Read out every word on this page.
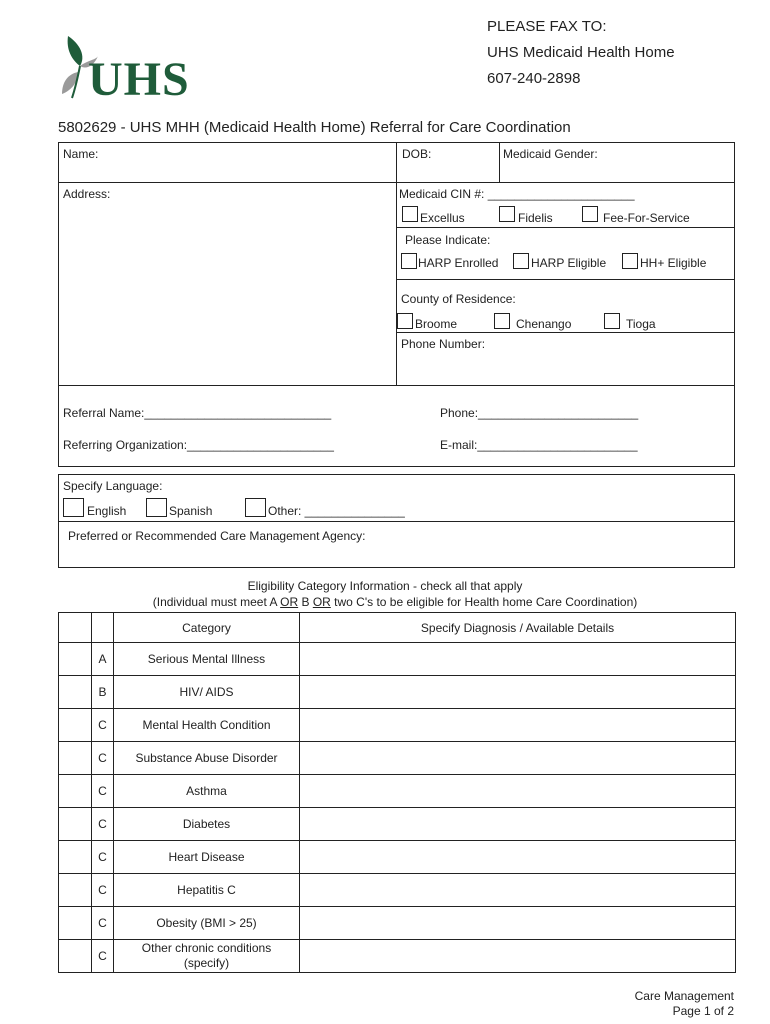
UHS
PLEASE FAX TO:
UHS Medicaid Health Home
607-240-2898
5802629 - UHS MHH (Medicaid Health Home) Referral for Care Coordination
Name:	DOB:	Medicaid Gender:
Address:	Medicaid CIN #: ______________________
Excellus	Fidelis	Fee-For-Service
Please Indicate:
HARP Enrolled	HARP Eligible	HH+ Eligible
County of Residence:
Broome	Chenango	Tioga
Phone Number:
Referral Name:____________________________	Phone:________________________
Referring Organization:______________________	E-mail:________________________
Specify Language:
English	Spanish	Other: _______________
Preferred or Recommended Care Management Agency:
Eligibility Category Information - check all that apply
(Individual must meet A OR B OR two C's to be eligible for Health home Care Coordination)
		Category	Specify Diagnosis / Available Details
	A	Serious Mental Illness	
	B	HIV/ AIDS	
	C	Mental Health Condition	
	C	Substance Abuse Disorder	
	C	Asthma	
	C	Diabetes	
	C	Heart Disease	
	C	Hepatitis C	
	C	Obesity (BMI > 25)	
	C	Other chronic conditions (specify)	
Care Management
Page 1 of 2
